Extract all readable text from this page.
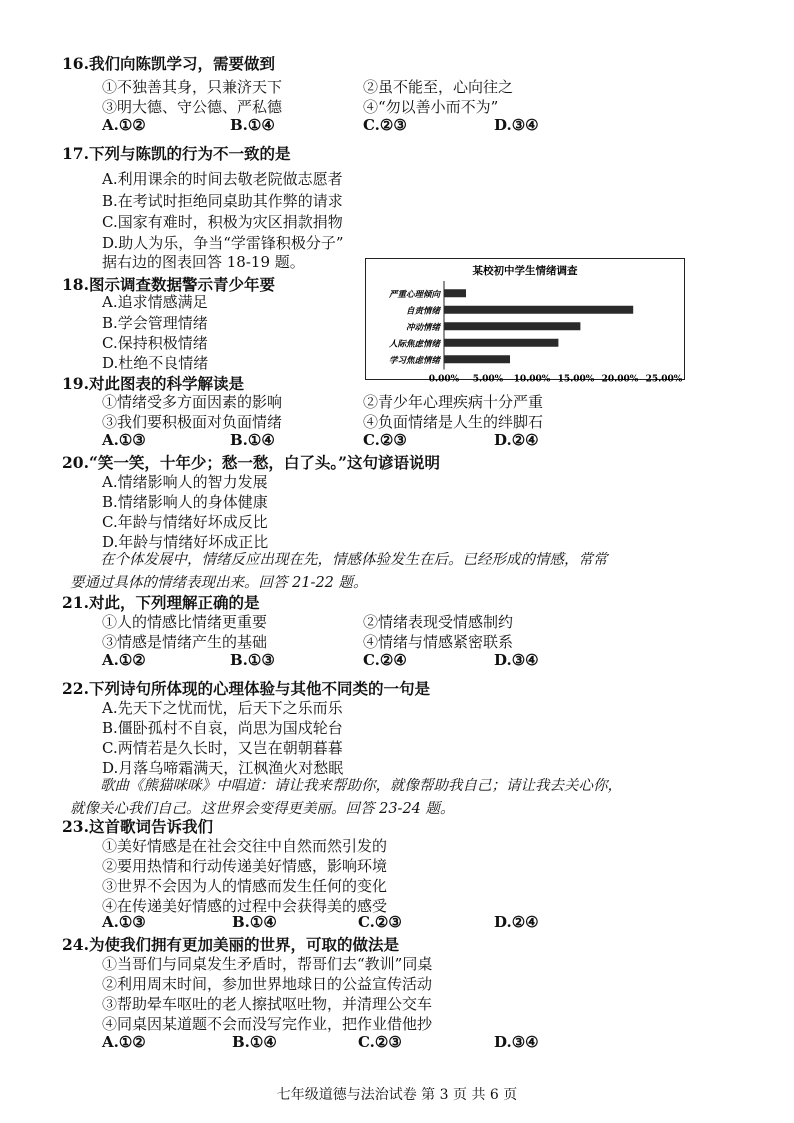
16.我们向陈凯学习，需要做到
①不独善其身，只兼济天下	②虽不能至，心向往之
③明大德、守公德、严私德	④“勿以善小而不为”
A.①②	B.①④	C.②③	D.③④
17.下列与陈凯的行为不一致的是
A.利用课余的时间去敬老院做志愿者
B.在考试时拒绝同桌助其作弊的请求
C.国家有难时，积极为灾区捐款捐物
D.助人为乐，争当“学雷锋积极分子”
据右边的图表回答 18-19 题。	某校初中学生情绪调查
严重心理倾向
自责情绪
冲动情绪
人际焦虑情绪
学习焦虑情绪
0.00% 5.00% 10.00% 15.00% 20.00% 25.00%
18.图示调查数据警示青少年要
A.追求情感满足
B.学会管理情绪
C.保持积极情绪
D.杜绝不良情绪
19.对此图表的科学解读是
①情绪受多方面因素的影响	②青少年心理疾病十分严重
③我们要积极面对负面情绪	④负面情绪是人生的绊脚石
A.①③	B.①④	C.②③	D.②④
20.“笑一笑，十年少；愁一愁，白了头。”这句谚语说明
A.情绪影响人的智力发展
B.情绪影响人的身体健康
C.年龄与情绪好坏成反比
D.年龄与情绪好坏成正比
在个体发展中，情绪反应出现在先，情感体验发生在后。已经形成的情感，常常
要通过具体的情绪表现出来。回答 21-22 题。
21.对此，下列理解正确的是
①人的情感比情绪更重要	②情绪表现受情感制约
③情感是情绪产生的基础	④情绪与情感紧密联系
A.①②	B.①③	C.②④	D.③④
22.下列诗句所体现的心理体验与其他不同类的一句是
A.先天下之忧而忧，后天下之乐而乐
B.僵卧孤村不自哀，尚思为国戍轮台
C.两情若是久长时，又岂在朝朝暮暮
D.月落乌啼霜满天，江枫渔火对愁眠
歌曲《熊猫咪咪》中唱道：请让我来帮助你，就像帮助我自己；请让我去关心你，
就像关心我们自己。这世界会变得更美丽。回答 23-24 题。
23.这首歌词告诉我们
①美好情感是在社会交往中自然而然引发的
②要用热情和行动传递美好情感，影响环境
③世界不会因为人的情感而发生任何的变化
④在传递美好情感的过程中会获得美的感受
A.①③	B.①④	C.②③	D.②④
24.为使我们拥有更加美丽的世界，可取的做法是
①当哥们与同桌发生矛盾时，帮哥们去“教训”同桌
②利用周末时间，参加世界地球日的公益宣传活动
③帮助晕车呕吐的老人擦拭呕吐物，并清理公交车
④同桌因某道题不会而没写完作业，把作业借他抄
A.①②	B.①④	C.②③	D.③④
七年级道德与法治试卷 第 3 页 共 6 页
